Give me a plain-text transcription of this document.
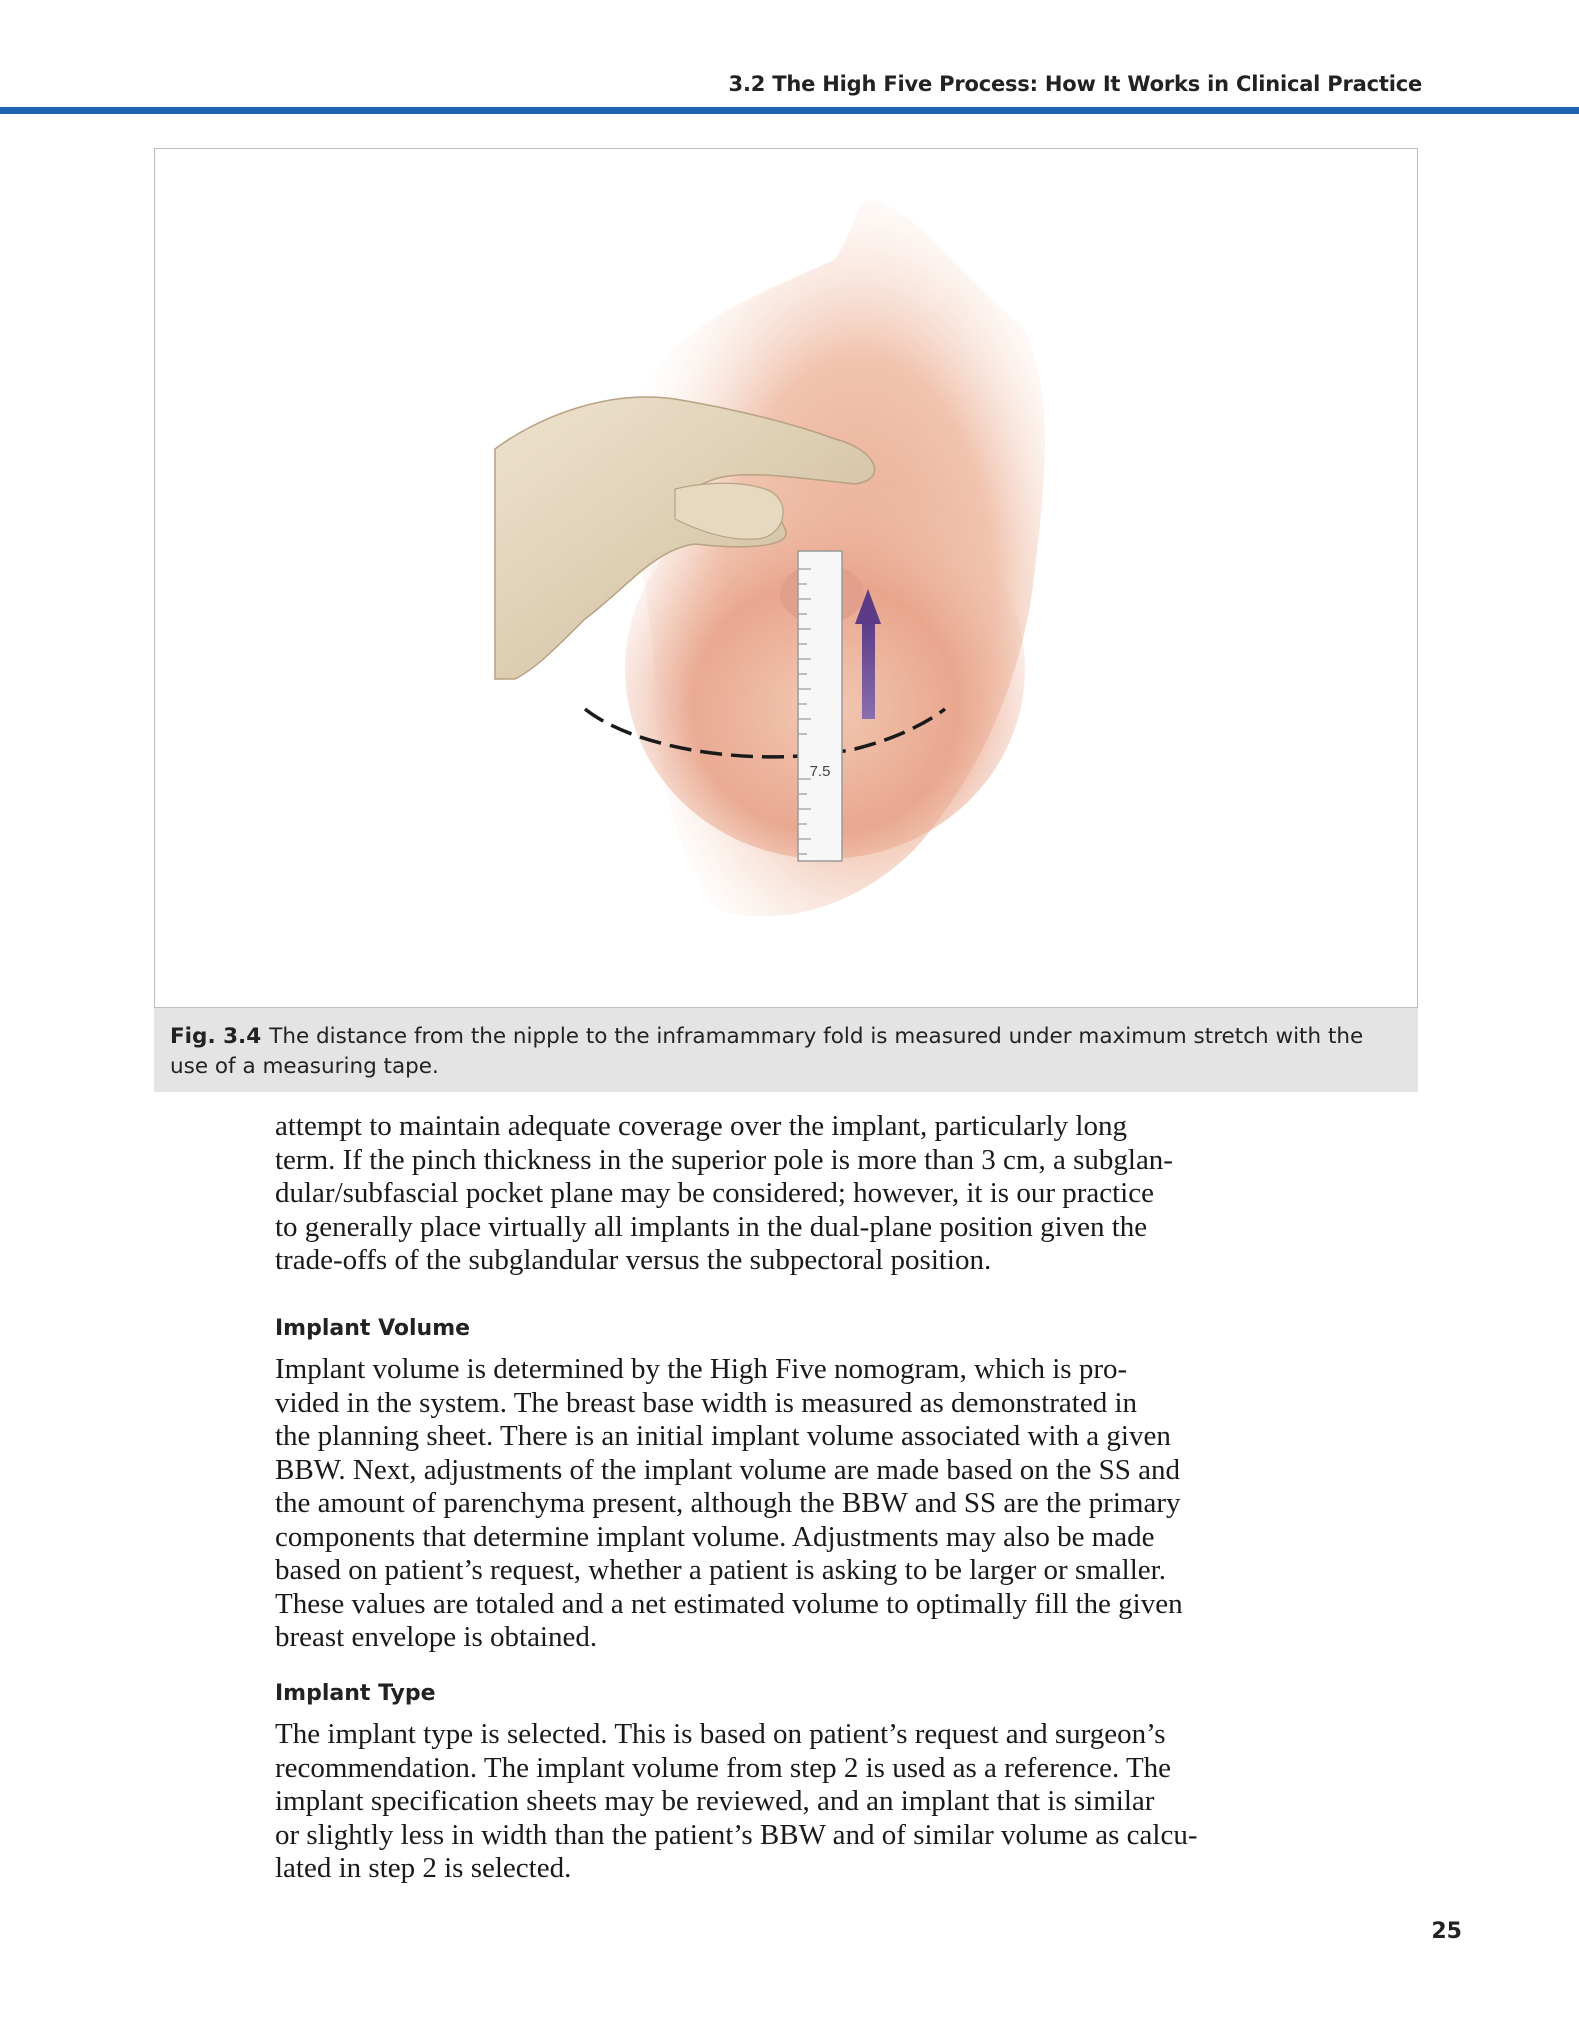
3.2 The High Five Process: How It Works in Clinical Practice
7.5
Fig. 3.4 The distance from the nipple to the inframammary fold is measured under maximum stretch with the
use of a measuring tape.
attempt to maintain adequate coverage over the implant, particularly long
term. If the pinch thickness in the superior pole is more than 3 cm, a subglan-
dular/subfascial pocket plane may be considered; however, it is our practice
to generally place virtually all implants in the dual-plane position given the
trade-offs of the subglandular versus the subpectoral position.
Implant Volume
Implant volume is determined by the High Five nomogram, which is pro-
vided in the system. The breast base width is measured as demonstrated in
the planning sheet. There is an initial implant volume associated with a given
BBW. Next, adjustments of the implant volume are made based on the SS and
the amount of parenchyma present, although the BBW and SS are the primary
components that determine implant volume. Adjustments may also be made
based on patient’s request, whether a patient is asking to be larger or smaller.
These values are totaled and a net estimated volume to optimally fill the given
breast envelope is obtained.
Implant Type
The implant type is selected. This is based on patient’s request and surgeon’s
recommendation. The implant volume from step 2 is used as a reference. The
implant specification sheets may be reviewed, and an implant that is similar
or slightly less in width than the patient’s BBW and of similar volume as calcu-
lated in step 2 is selected.
25
